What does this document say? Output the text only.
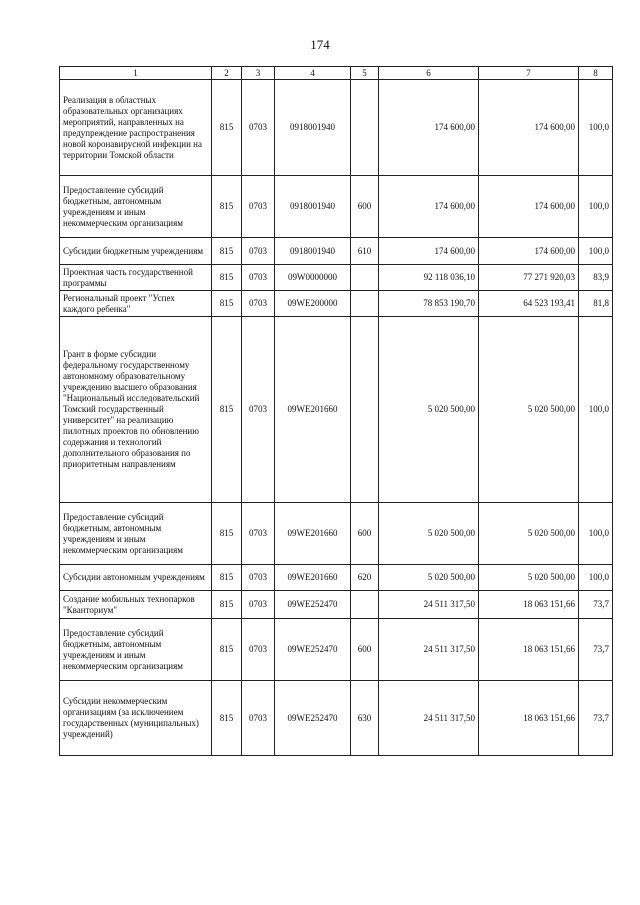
174
1	2	3	4	5	6	7	8
Реализация в областных образовательных организациях мероприятий, направленных на предупреждение распространения новой коронавирусной инфекции на территории Томской области	815	0703	0918001940		174 600,00	174 600,00	100,0
Предоставление субсидий бюджетным, автономным учреждениям и иным некоммерческим организациям	815	0703	0918001940	600	174 600,00	174 600,00	100,0
Субсидии бюджетным учреждениям	815	0703	0918001940	610	174 600,00	174 600,00	100,0
Проектная часть государственной программы	815	0703	09W0000000		92 118 036,10	77 271 920,03	83,9
Региональный проект "Успех каждого ребенка"	815	0703	09WE200000		78 853 190,70	64 523 193,41	81,8
Грант в форме субсидии федеральному государственному автономному образовательному учреждению высшего образования "Национальный исследовательский Томский государственный университет" на реализацию пилотных проектов по обновлению содержания и технологий дополнительного образования по приоритетным направлениям	815	0703	09WE201660		5 020 500,00	5 020 500,00	100,0
Предоставление субсидий бюджетным, автономным учреждениям и иным некоммерческим организациям	815	0703	09WE201660	600	5 020 500,00	5 020 500,00	100,0
Субсидии автономным учреждениям	815	0703	09WE201660	620	5 020 500,00	5 020 500,00	100,0
Создание мобильных технопарков "Кванториум"	815	0703	09WE252470		24 511 317,50	18 063 151,66	73,7
Предоставление субсидий бюджетным, автономным учреждениям и иным некоммерческим организациям	815	0703	09WE252470	600	24 511 317,50	18 063 151,66	73,7
Субсидии некоммерческим организациям (за исключением государственных (муниципальных) учреждений)	815	0703	09WE252470	630	24 511 317,50	18 063 151,66	73,7
